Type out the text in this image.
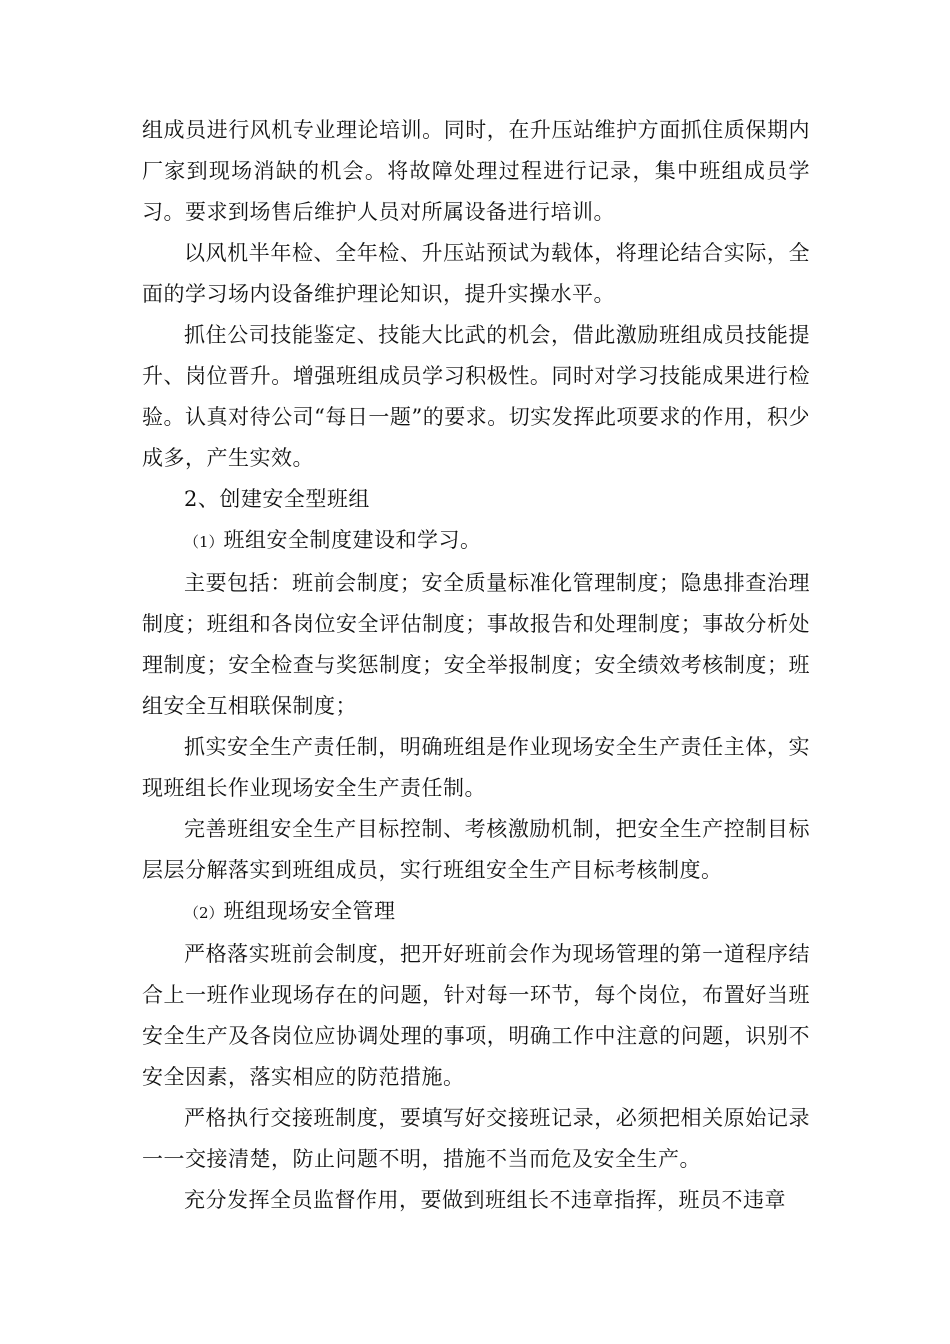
组成员进行风机专业理论培训。同时，在升压站维护方面抓住质保期内厂家到现场消缺的机会。将故障处理过程进行记录，集中班组成员学习。要求到场售后维护人员对所属设备进行培训。

以风机半年检、全年检、升压站预试为载体，将理论结合实际，全面的学习场内设备维护理论知识，提升实操水平。

抓住公司技能鉴定、技能大比武的机会，借此激励班组成员技能提升、岗位晋升。增强班组成员学习积极性。同时对学习技能成果进行检验。认真对待公司“每日一题”的要求。切实发挥此项要求的作用，积少成多，产生实效。

2、创建安全型班组

（1）班组安全制度建设和学习。

主要包括：班前会制度；安全质量标准化管理制度；隐患排查治理制度；班组和各岗位安全评估制度；事故报告和处理制度；事故分析处理制度；安全检查与奖惩制度；安全举报制度；安全绩效考核制度；班组安全互相联保制度；

抓实安全生产责任制，明确班组是作业现场安全生产责任主体，实现班组长作业现场安全生产责任制。

完善班组安全生产目标控制、考核激励机制，把安全生产控制目标层层分解落实到班组成员，实行班组安全生产目标考核制度。

（2）班组现场安全管理

严格落实班前会制度，把开好班前会作为现场管理的第一道程序结合上一班作业现场存在的问题，针对每一环节，每个岗位，布置好当班安全生产及各岗位应协调处理的事项，明确工作中注意的问题，识别不安全因素，落实相应的防范措施。

严格执行交接班制度，要填写好交接班记录，必须把相关原始记录一一交接清楚，防止问题不明，措施不当而危及安全生产。

充分发挥全员监督作用，要做到班组长不违章指挥，班员不违章
